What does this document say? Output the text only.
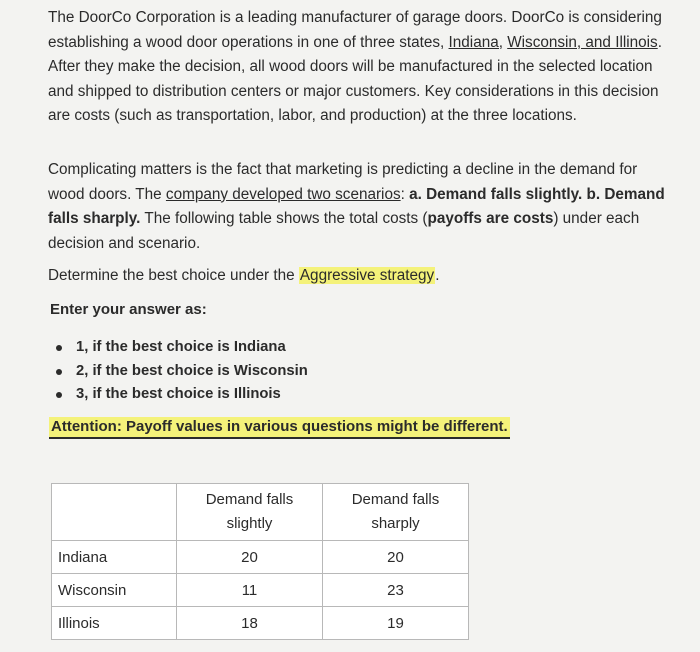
The DoorCo Corporation is a leading manufacturer of garage doors. DoorCo is considering establishing a wood door operations in one of three states, Indiana, Wisconsin, and Illinois. After they make the decision, all wood doors will be manufactured in the selected location and shipped to distribution centers or major customers. Key considerations in this decision are costs (such as transportation, labor, and production) at the three locations.

Complicating matters is the fact that marketing is predicting a decline in the demand for wood doors. The company developed two scenarios: a. Demand falls slightly. b. Demand falls sharply. The following table shows the total costs (payoffs are costs) under each decision and scenario.

Determine the best choice under the Aggressive strategy.

Enter your answer as:

1, if the best choice is Indiana
2, if the best choice is Wisconsin
3, if the best choice is Illinois
Attention: Payoff values in various questions might be different.
	Demand falls slightly	Demand falls sharply
Indiana	20	20
Wisconsin	11	23
Illinois	18	19
